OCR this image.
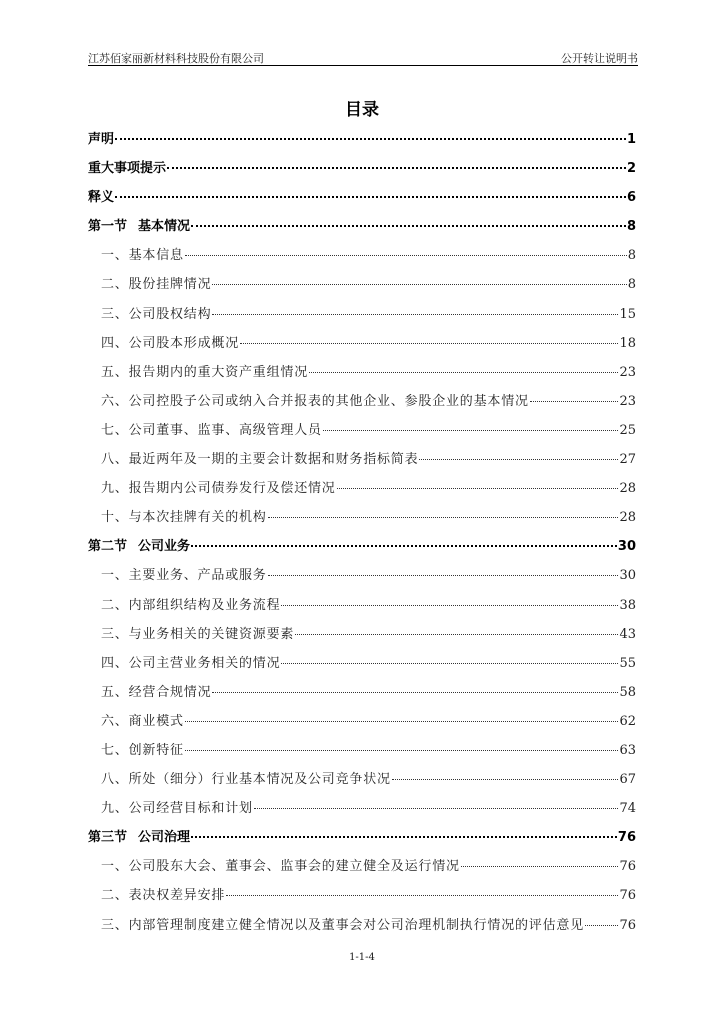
江苏佰家丽新材料科技股份有限公司	公开转让说明书
目录
声明	1
重大事项提示	2
释义	6
第一节 基本情况	8
一、基本信息	8
二、股份挂牌情况	8
三、公司股权结构	15
四、公司股本形成概况	18
五、报告期内的重大资产重组情况	23
六、公司控股子公司或纳入合并报表的其他企业、参股企业的基本情况	23
七、公司董事、监事、高级管理人员	25
八、最近两年及一期的主要会计数据和财务指标简表	27
九、报告期内公司债券发行及偿还情况	28
十、与本次挂牌有关的机构	28
第二节 公司业务	30
一、主要业务、产品或服务	30
二、内部组织结构及业务流程	38
三、与业务相关的关键资源要素	43
四、公司主营业务相关的情况	55
五、经营合规情况	58
六、商业模式	62
七、创新特征	63
八、所处（细分）行业基本情况及公司竞争状况	67
九、公司经营目标和计划	74
第三节 公司治理	76
一、公司股东大会、董事会、监事会的建立健全及运行情况	76
二、表决权差异安排	76
三、内部管理制度建立健全情况以及董事会对公司治理机制执行情况的评估意见	76
1-1-4
